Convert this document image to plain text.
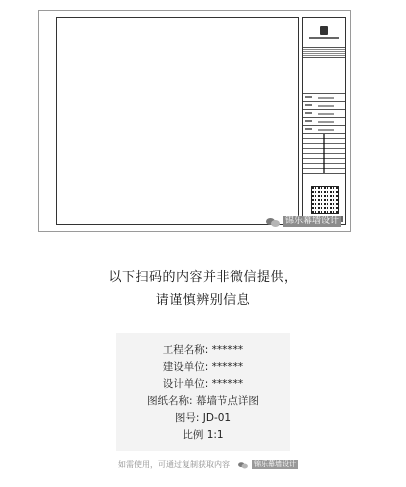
锦乐幕墙设计
以下扫码的内容并非微信提供，
请谨慎辨别信息
工程名称: ******
建设单位: ******
设计单位: ******
图纸名称: 幕墙节点详图
图号: JD-01
比例 1:1
如需使用，可通过复制获取内容	锦乐幕墙设计
